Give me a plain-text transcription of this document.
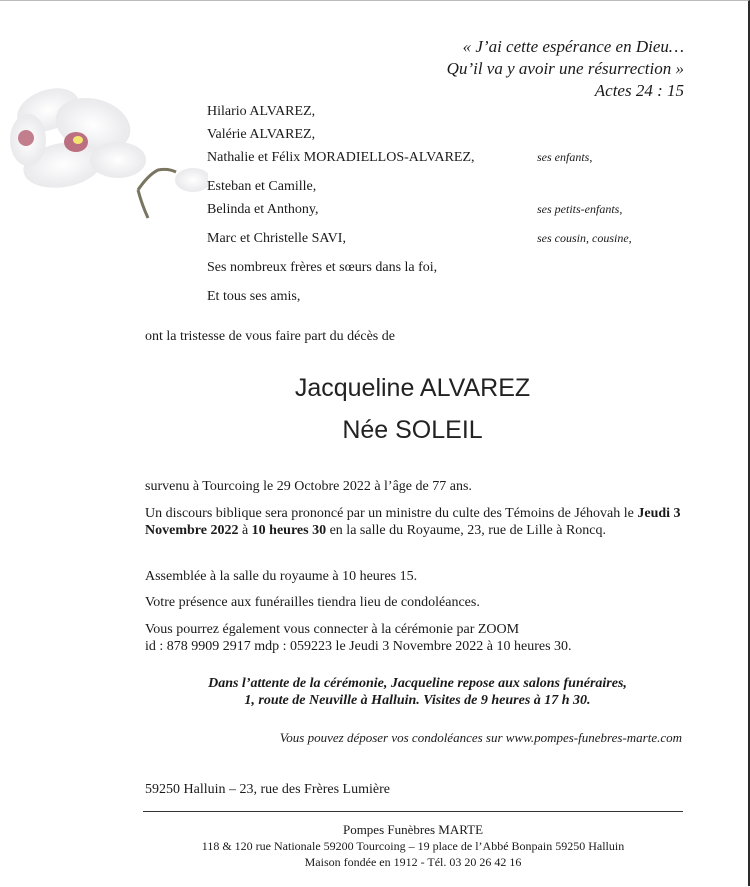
« J’ai cette espérance en Dieu…
Qu’il va y avoir une résurrection »
Actes 24 : 15
Hilario ALVAREZ,
Valérie ALVAREZ,
Nathalie et Félix MORADIELLOS-ALVAREZ,	ses enfants,
Esteban et Camille,
Belinda et Anthony,	ses petits-enfants,
Marc et Christelle SAVI,	ses cousin, cousine,
Ses nombreux frères et sœurs dans la foi,
Et tous ses amis,
ont la tristesse de vous faire part du décès de
Jacqueline ALVAREZ
Née SOLEIL
survenu à Tourcoing le 29 Octobre 2022 à l’âge de 77 ans.
Un discours biblique sera prononcé par un ministre du culte des Témoins de Jéhovah le Jeudi 3 Novembre 2022 à 10 heures 30 en la salle du Royaume, 23, rue de Lille à Roncq.
Assemblée à la salle du royaume à 10 heures 15.
Votre présence aux funérailles tiendra lieu de condoléances.
Vous pourrez également vous connecter à la cérémonie par ZOOM
id : 878 9909 2917 mdp : 059223 le Jeudi 3 Novembre 2022 à 10 heures 30.
Dans l’attente de la cérémonie, Jacqueline repose aux salons funéraires,
1, route de Neuville à Halluin. Visites de 9 heures à 17 h 30.
Vous pouvez déposer vos condoléances sur www.pompes-funebres-marte.com
59250 Halluin – 23, rue des Frères Lumière
Pompes Funèbres MARTE
118 & 120 rue Nationale 59200 Tourcoing – 19 place de l’Abbé Bonpain 59250 Halluin
Maison fondée en 1912 - Tél. 03 20 26 42 16
